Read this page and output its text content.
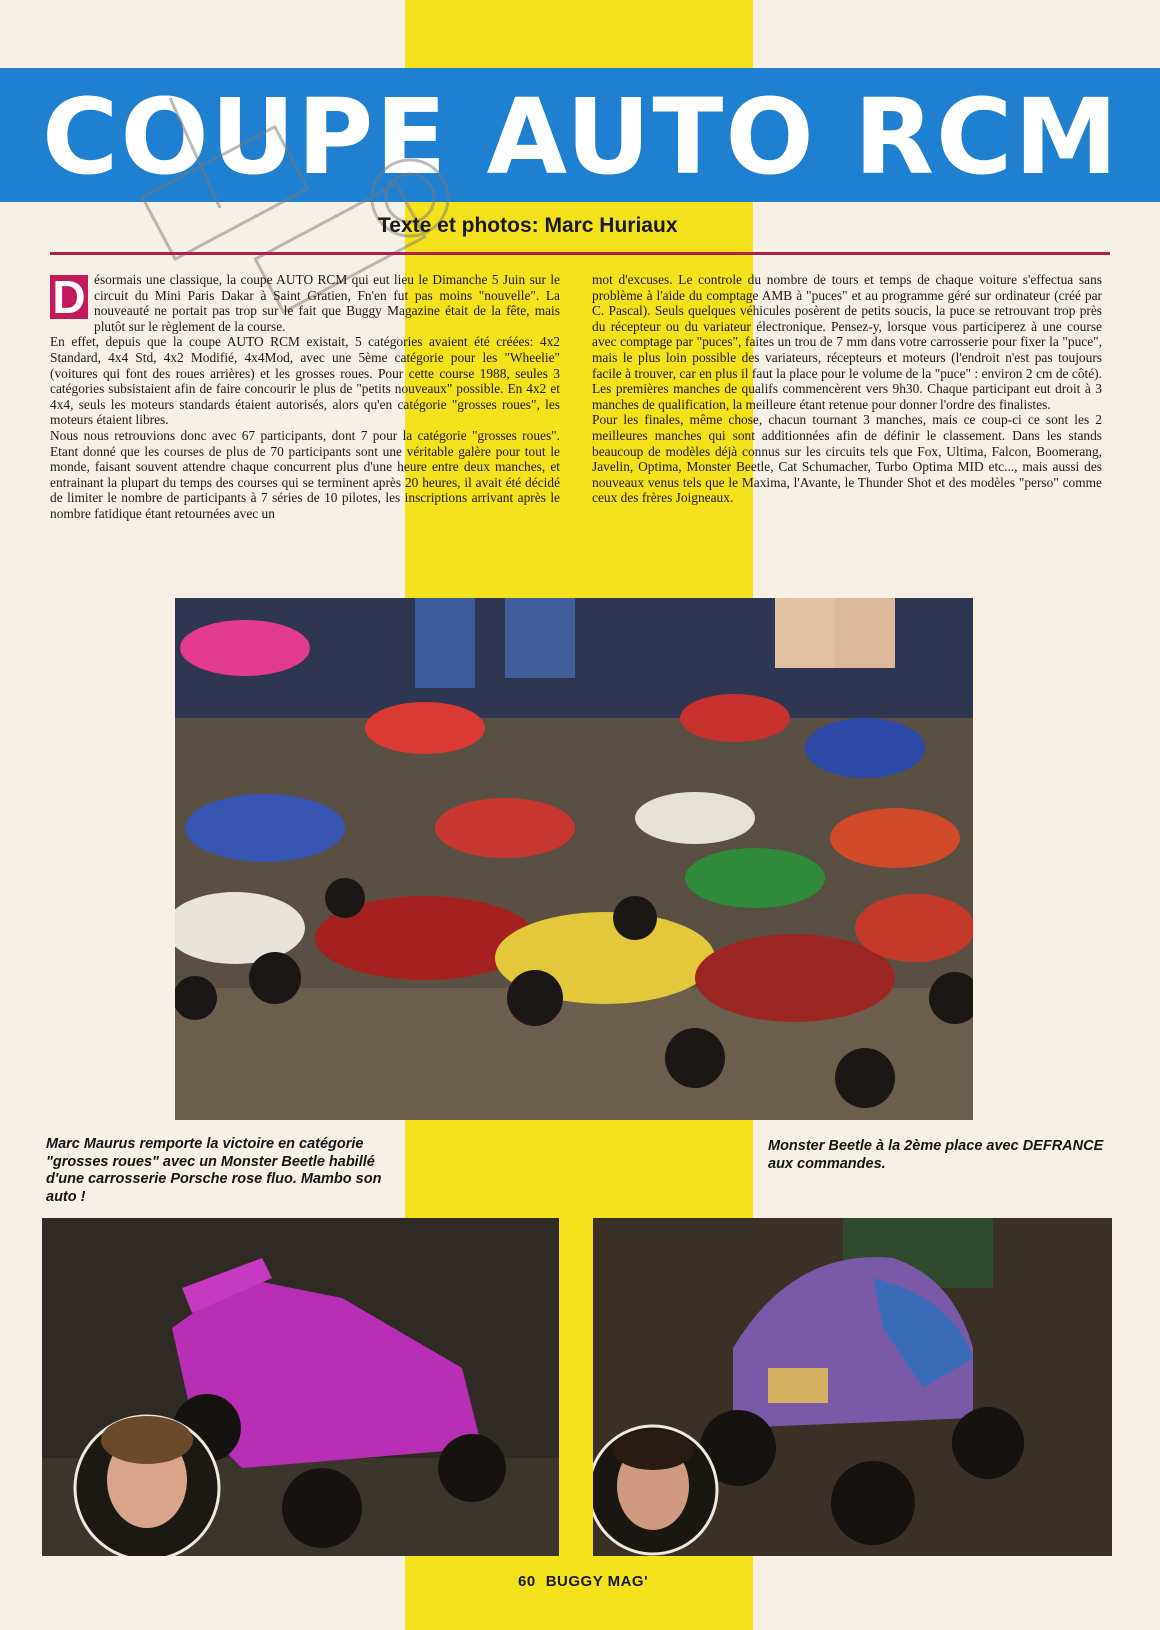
COUPE AUTO RCM

Texte et photos: Marc Huriaux

D ésormais une classique, la coupe AUTO RCM qui eut lieu le Dimanche 5 Juin sur le circuit du Mini Paris Dakar à Saint Gratien, Fn'en fut pas moins "nouvelle". La nouveauté ne portait pas trop sur le fait que Buggy Magazine était de la fête, mais plutôt sur le règlement de la course.

En effet, depuis que la coupe AUTO RCM existait, 5 catégories avaient été créées: 4x2 Standard, 4x4 Std, 4x2 Modifié, 4x4Mod, avec une 5ème catégorie pour les "Wheelie" (voitures qui font des roues arrières) et les grosses roues. Pour cette course 1988, seules 3 catégories subsistaient afin de faire concourir le plus de "petits nouveaux" possible. En 4x2 et 4x4, seuls les moteurs standards étaient autorisés, alors qu'en catégorie "grosses roues", les moteurs étaient libres.

Nous nous retrouvions donc avec 67 participants, dont 7 pour la catégorie "grosses roues". Etant donné que les courses de plus de 70 participants sont une véritable galère pour tout le monde, faisant souvent attendre chaque concurrent plus d'une heure entre deux manches, et entrainant la plupart du temps des courses qui se terminent après 20 heures, il avait été décidé de limiter le nombre de participants à 7 séries de 10 pilotes, les inscriptions arrivant après le nombre fatidique étant retournées avec un

mot d'excuses. Le controle du nombre de tours et temps de chaque voiture s'effectua sans problème à l'aide du comptage AMB à "puces" et au programme géré sur ordinateur (créé par C. Pascal). Seuls quelques véhicules posèrent de petits soucis, la puce se retrouvant trop près du récepteur ou du variateur électronique. Pensez-y, lorsque vous participerez à une course avec comptage par "puces", faites un trou de 7 mm dans votre carrosserie pour fixer la "puce", mais le plus loin possible des variateurs, récepteurs et moteurs (l'endroit n'est pas toujours facile à trouver, car en plus il faut la place pour le volume de la "puce" : environ 2 cm de côté). Les premières manches de qualifs commencèrent vers 9h30. Chaque participant eut droit à 3 manches de qualification, la meilleure étant retenue pour donner l'ordre des finalistes.

Pour les finales, même chose, chacun tournant 3 manches, mais ce coup-ci ce sont les 2 meilleures manches qui sont additionnées afin de définir le classement. Dans les stands beaucoup de modèles déjà connus sur les circuits tels que Fox, Ultima, Falcon, Boomerang, Javelin, Optima, Monster Beetle, Cat Schumacher, Turbo Optima MID etc..., mais aussi des nouveaux venus tels que le Maxima, l'Avante, le Thunder Shot et des modèles "perso" comme ceux des frères Joigneaux.

Marc Maurus remporte la victoire en catégorie "grosses roues" avec un Monster Beetle habillé d'une carrosserie Porsche rose fluo. Mambo son auto !

Monster Beetle à la 2ème place avec DEFRANCE aux commandes.

60 BUGGY MAG'
